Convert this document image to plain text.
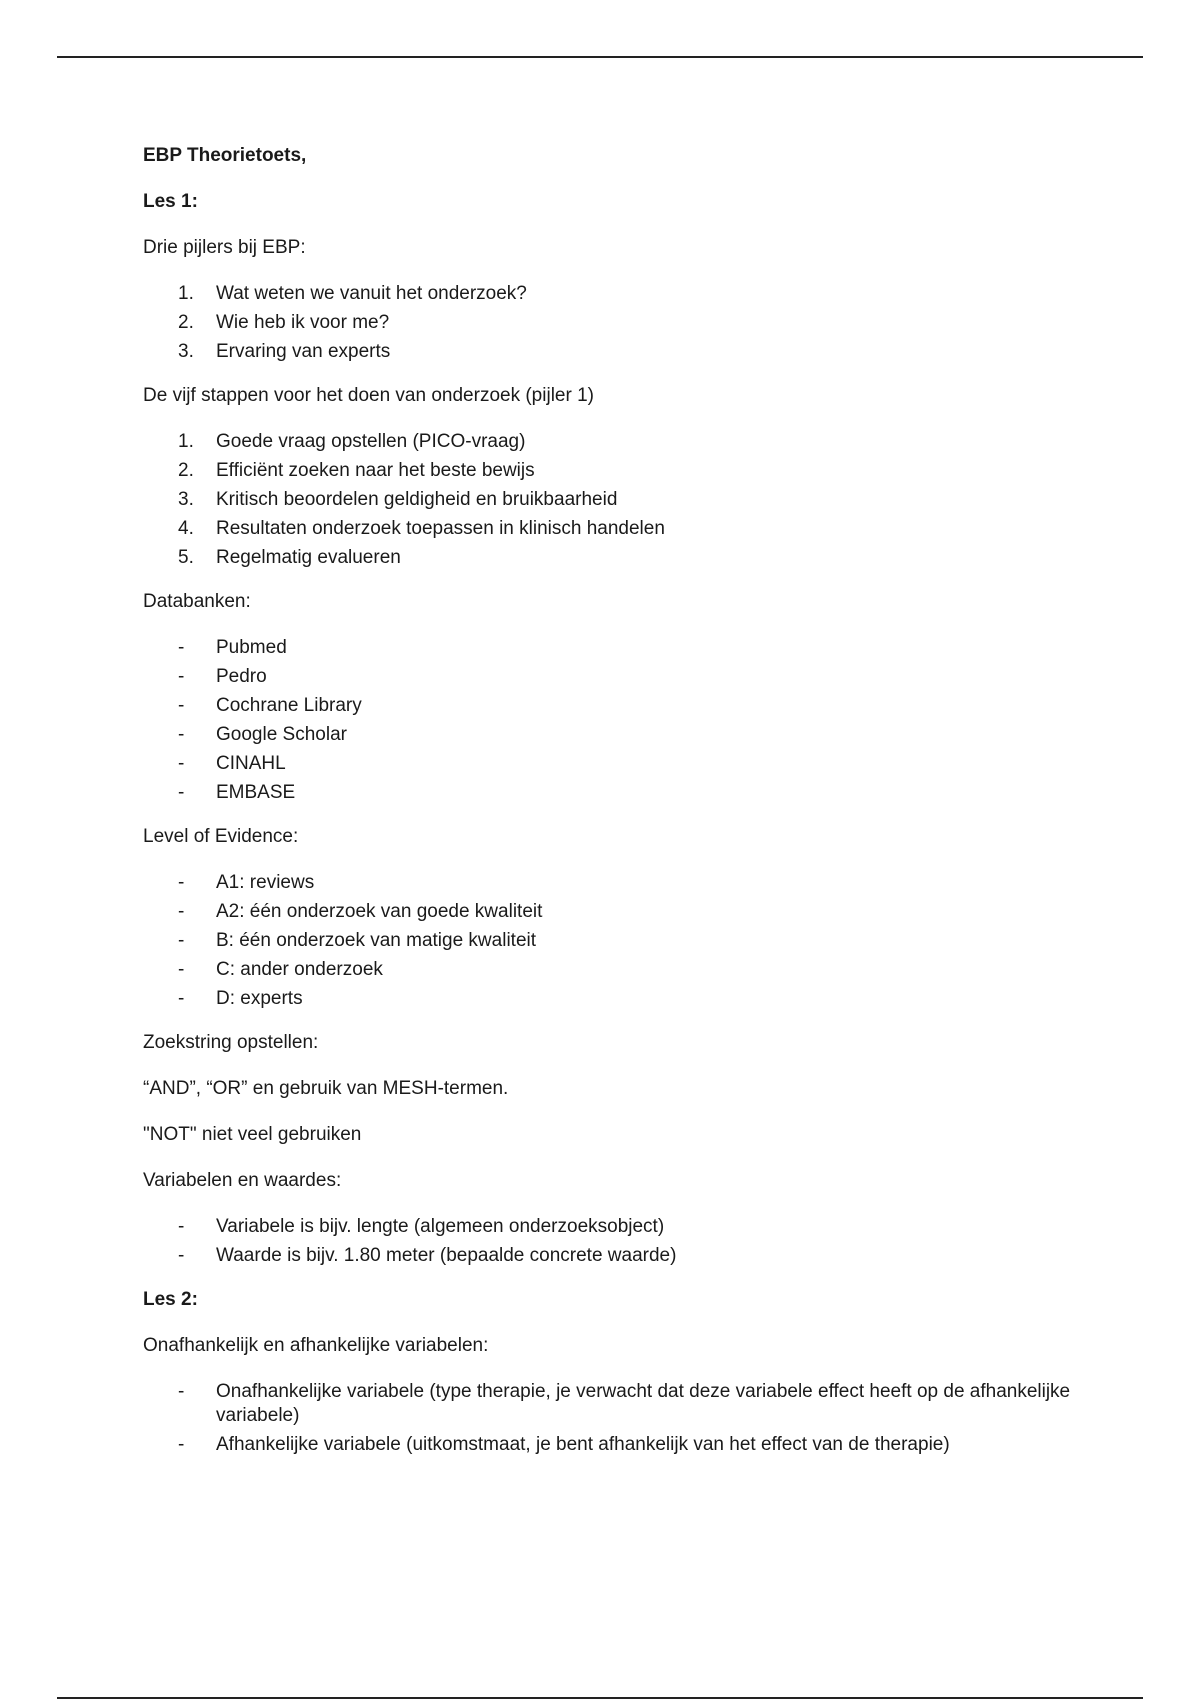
EBP Theorietoets,

Les 1:

Drie pijlers bij EBP:

1.	Wat weten we vanuit het onderzoek?
2.	Wie heb ik voor me?
3.	Ervaring van experts

De vijf stappen voor het doen van onderzoek (pijler 1)

1.	Goede vraag opstellen (PICO-vraag)
2.	Efficiënt zoeken naar het beste bewijs
3.	Kritisch beoordelen geldigheid en bruikbaarheid
4.	Resultaten onderzoek toepassen in klinisch handelen
5.	Regelmatig evalueren

Databanken:

-	Pubmed
-	Pedro
-	Cochrane Library
-	Google Scholar
-	CINAHL
-	EMBASE

Level of Evidence:

-	A1: reviews
-	A2: één onderzoek van goede kwaliteit
-	B: één onderzoek van matige kwaliteit
-	C: ander onderzoek
-	D: experts

Zoekstring opstellen:

“AND”, “OR” en gebruik van MESH-termen.

"NOT" niet veel gebruiken

Variabelen en waardes:

-	Variabele is bijv. lengte (algemeen onderzoeksobject)
-	Waarde is bijv. 1.80 meter (bepaalde concrete waarde)

Les 2:

Onafhankelijk en afhankelijke variabelen:

-	Onafhankelijke variabele (type therapie, je verwacht dat deze variabele effect heeft op de afhankelijke variabele)
-	Afhankelijke variabele (uitkomstmaat, je bent afhankelijk van het effect van de therapie)
